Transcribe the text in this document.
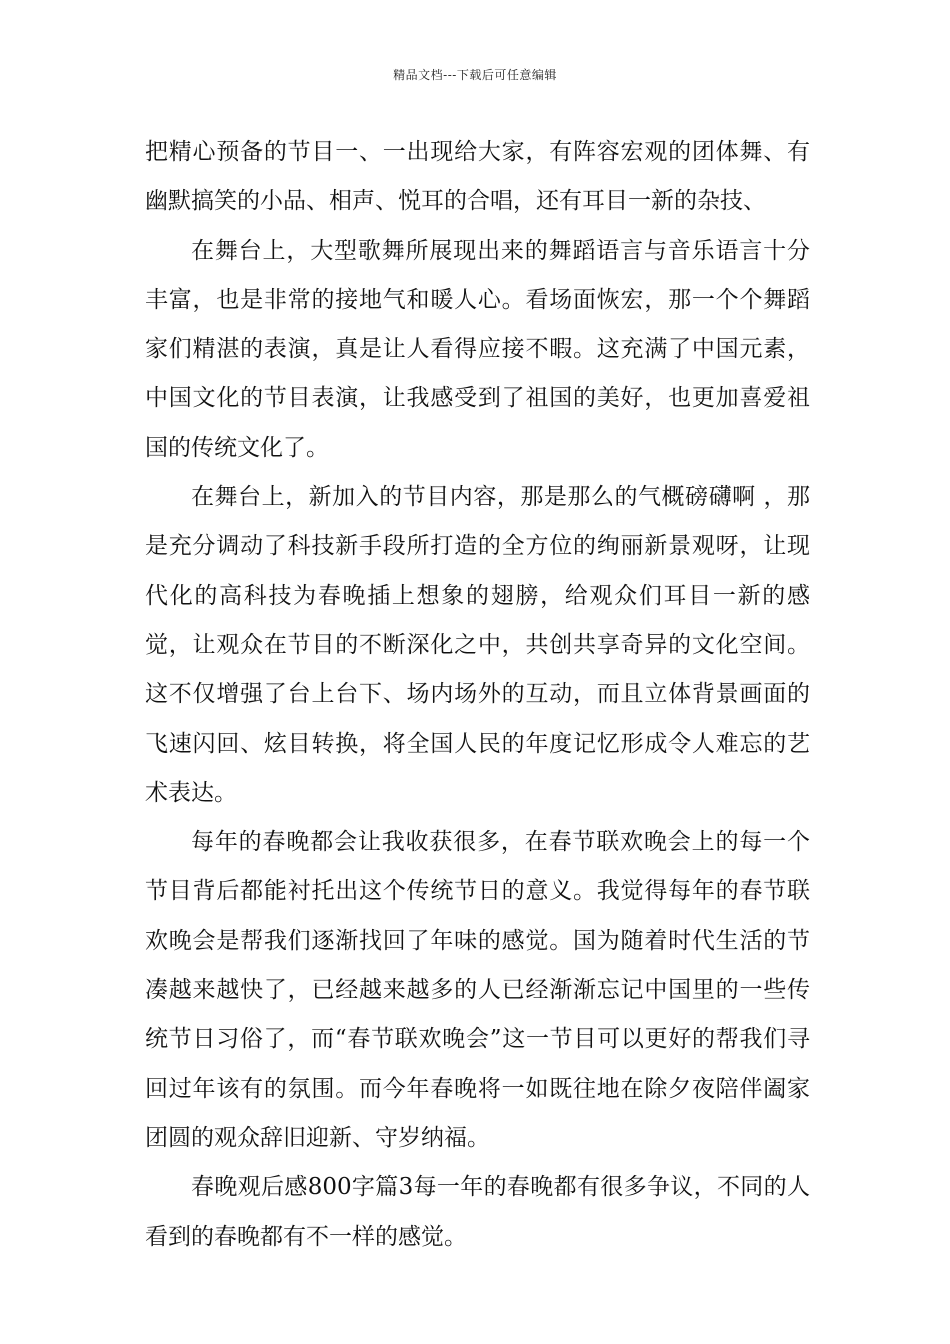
精品文档---下载后可任意编辑

把精心预备的节目一、一出现给大家，有阵容宏观的团体舞、有幽默搞笑的小品、相声、悦耳的合唱，还有耳目一新的杂技、

在舞台上，大型歌舞所展现出来的舞蹈语言与音乐语言十分丰富，也是非常的接地气和暖人心。看场面恢宏，那一个个舞蹈家们精湛的表演，真是让人看得应接不暇。这充满了中国元素，中国文化的节目表演，让我感受到了祖国的美好，也更加喜爱祖国的传统文化了。

在舞台上，新加入的节目内容，那是那么的气概磅礴啊 ，那是充分调动了科技新手段所打造的全方位的绚丽新景观呀，让现代化的高科技为春晚插上想象的翅膀，给观众们耳目一新的感觉，让观众在节目的不断深化之中，共创共享奇异的文化空间。这不仅增强了台上台下、场内场外的互动，而且立体背景画面的飞速闪回、炫目转换，将全国人民的年度记忆形成令人难忘的艺术表达。

每年的春晚都会让我收获很多，在春节联欢晚会上的每一个节目背后都能衬托出这个传统节日的意义。我觉得每年的春节联欢晚会是帮我们逐渐找回了年味的感觉。国为随着时代生活的节凑越来越快了，已经越来越多的人已经渐渐忘记中国里的一些传统节日习俗了，而“春节联欢晚会”这一节目可以更好的帮我们寻回过年该有的氛围。而今年春晚将一如既往地在除夕夜陪伴阖家团圆的观众辞旧迎新、守岁纳福。

春晚观后感800字篇3每一年的春晚都有很多争议，不同的人看到的春晚都有不一样的感觉。
